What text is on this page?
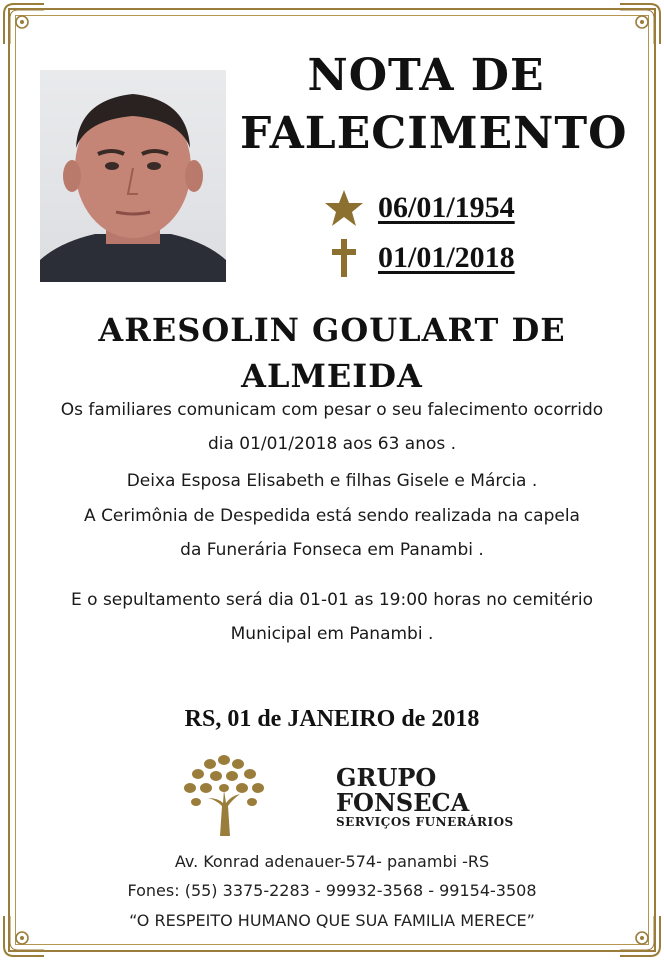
NOTA DE
FALECIMENTO
06/01/1954
01/01/2018
ARESOLIN GOULART DE
ALMEIDA
Os familiares comunicam com pesar o seu falecimento ocorrido
dia 01/01/2018 aos 63 anos .
Deixa Esposa Elisabeth e filhas Gisele e Márcia .
A Cerimônia de Despedida está sendo realizada na capela
da Funerária Fonseca em Panambi .
E o sepultamento será dia 01-01 as 19:00 horas no cemitério
Municipal em Panambi .
RS, 01 de JANEIRO de 2018
GRUPO
FONSECA
SERVIÇOS FUNERÁRIOS
Av. Konrad adenauer-574- panambi -RS
Fones: (55) 3375-2283 - 99932-3568 - 99154-3508
“O RESPEITO HUMANO QUE SUA FAMILIA MERECE”
